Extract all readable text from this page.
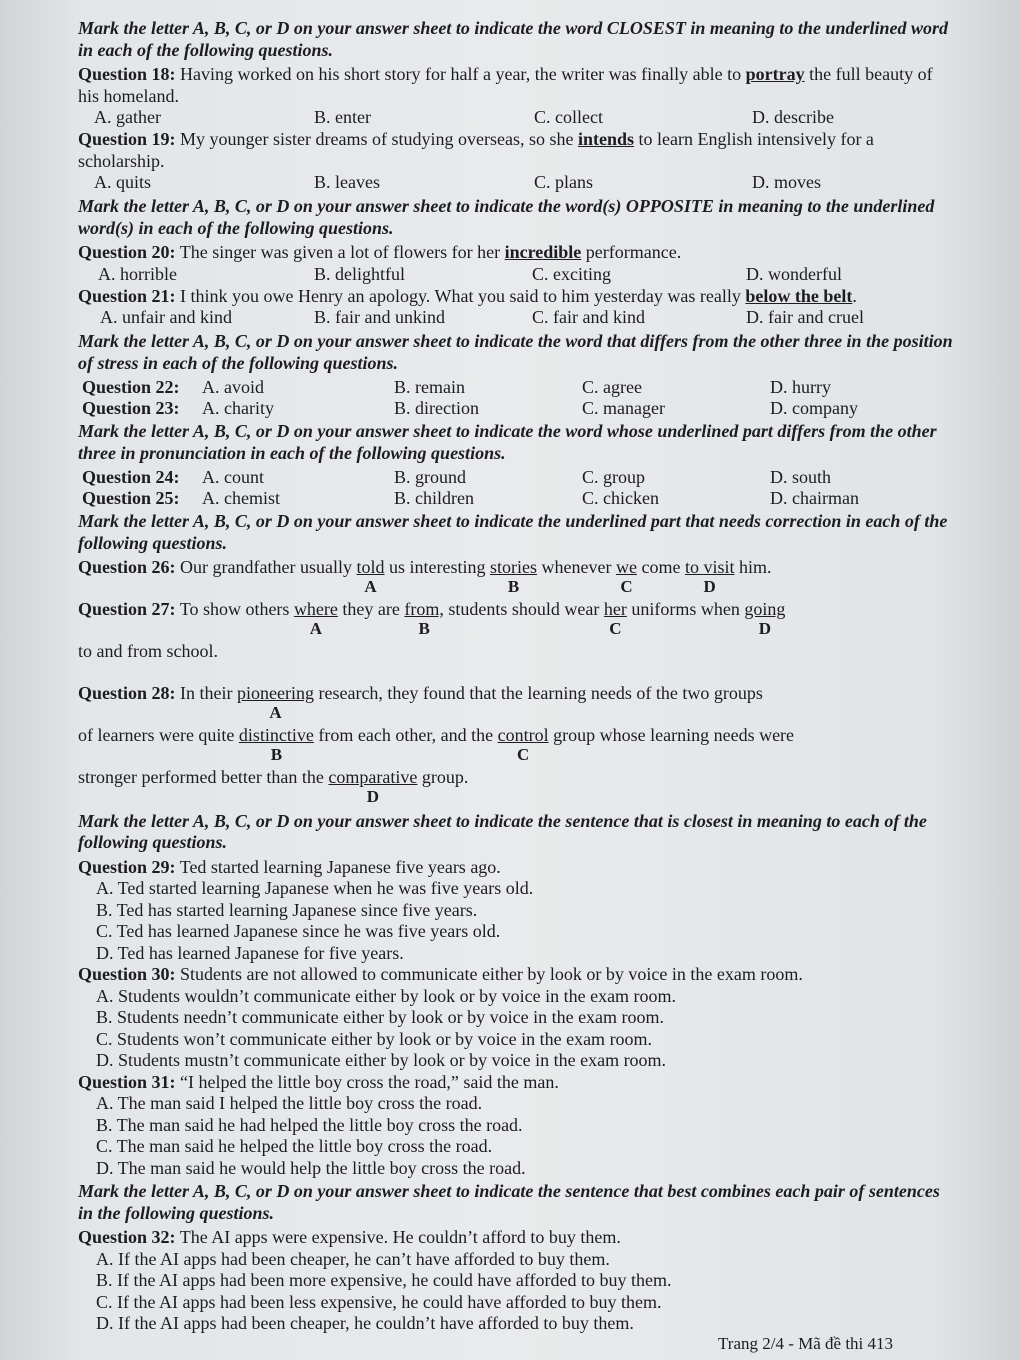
Mark the letter A, B, C, or D on your answer sheet to indicate the word CLOSEST in meaning to the underlined word in each of the following questions.

Question 18: Having worked on his short story for half a year, the writer was finally able to portray the full beauty of his homeland.

A. gather	B. enter	C. collect	D. describe

Question 19: My younger sister dreams of studying overseas, so she intends to learn English intensively for a scholarship.

A. quits	B. leaves	C. plans	D. moves

Mark the letter A, B, C, or D on your answer sheet to indicate the word(s) OPPOSITE in meaning to the underlined word(s) in each of the following questions.

Question 20: The singer was given a lot of flowers for her incredible performance.

A. horrible	B. delightful	C. exciting	D. wonderful

Question 21: I think you owe Henry an apology. What you said to him yesterday was really below the belt.

A. unfair and kind	B. fair and unkind	C. fair and kind	D. fair and cruel

Mark the letter A, B, C, or D on your answer sheet to indicate the word that differs from the other three in the position of stress in each of the following questions.

Question 22: A. avoid	B. remain	C. agree	D. hurry
Question 23: A. charity	B. direction	C. manager	D. company

Mark the letter A, B, C, or D on your answer sheet to indicate the word whose underlined part differs from the other three in pronunciation in each of the following questions.

Question 24: A. count	B. ground	C. group	D. south
Question 25: A. chemist	B. children	C. chicken	D. chairman

Mark the letter A, B, C, or D on your answer sheet to indicate the underlined part that needs correction in each of the following questions.

Question 26: Our grandfather usually told
A
us interesting stories
B
whenever $\frac{we}{C}$ come to visit
D
him.
Question 27: To show others where
A
they are from,
B
students should wear her
C
uniforms when going
D

to and from school.

Question 28: In their pioneering
A
research, they found that the learning needs of the two groups
of learners were quite distinctive
B
from each other, and the control
C
group whose learning needs were
stronger performed better than the comparative
D
group.

Mark the letter A, B, C, or D on your answer sheet to indicate the sentence that is closest in meaning to each of the following questions.

Question 29: Ted started learning Japanese five years ago.

A. Ted started learning Japanese when he was five years old.

B. Ted has started learning Japanese since five years.

C. Ted has learned Japanese since he was five years old.

D. Ted has learned Japanese for five years.

Question 30: Students are not allowed to communicate either by look or by voice in the exam room.

A. Students wouldn’t communicate either by look or by voice in the exam room.

B. Students needn’t communicate either by look or by voice in the exam room.

C. Students won’t communicate either by look or by voice in the exam room.

D. Students mustn’t communicate either by look or by voice in the exam room.

Question 31: “I helped the little boy cross the road,” said the man.

A. The man said I helped the little boy cross the road.

B. The man said he had helped the little boy cross the road.

C. The man said he helped the little boy cross the road.

D. The man said he would help the little boy cross the road.

Mark the letter A, B, C, or D on your answer sheet to indicate the sentence that best combines each pair of sentences in the following questions.

Question 32: The AI apps were expensive. He couldn’t afford to buy them.

A. If the AI apps had been cheaper, he can’t have afforded to buy them.

B. If the AI apps had been more expensive, he could have afforded to buy them.

C. If the AI apps had been less expensive, he could have afforded to buy them.

D. If the AI apps had been cheaper, he couldn’t have afforded to buy them.

Trang 2/4 - Mã đề thi 413
